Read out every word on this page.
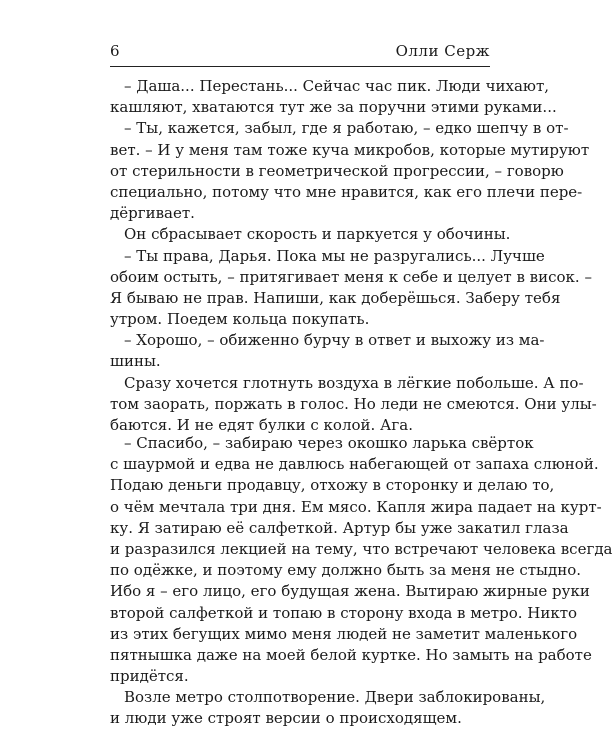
6	Олли Серж
– Даша... Перестань... Сейчас час пик. Люди чихают,
кашляют, хватаются тут же за поручни этими руками...
– Ты, кажется, забыл, где я работаю, – едко шепчу в от-
вет. – И у меня там тоже куча микробов, которые мутируют
от стерильности в геометрической прогрессии, – говорю
специально, потому что мне нравится, как его плечи пере-
дёргивает.
Он сбрасывает скорость и паркуется у обочины.
– Ты права, Дарья. Пока мы не разругались... Лучше
обоим остыть, – притягивает меня к себе и целует в висок. –
Я бываю не прав. Напиши, как доберёшься. Заберу тебя
утром. Поедем кольца покупать.
– Хорошо, – обиженно бурчу в ответ и выхожу из ма-
шины.
Сразу хочется глотнуть воздуха в лёгкие побольше. А по-
том заорать, поржать в голос. Но леди не смеются. Они улы-
баются. И не едят булки с колой. Ага.
– Спасибо, – забираю через окошко ларька свёрток
с шаурмой и едва не давлюсь набегающей от запаха слюной.
Подаю деньги продавцу, отхожу в сторонку и делаю то,
о чём мечтала три дня. Ем мясо. Капля жира падает на курт-
ку. Я затираю её салфеткой. Артур бы уже закатил глаза
и разразился лекцией на тему, что встречают человека всегда
по одёжке, и поэтому ему должно быть за меня не стыдно.
Ибо я – его лицо, его будущая жена. Вытираю жирные руки
второй салфеткой и топаю в сторону входа в метро. Никто
из этих бегущих мимо меня людей не заметит маленького
пятнышка даже на моей белой куртке. Но замыть на работе
придётся.
Возле метро столпотворение. Двери заблокированы,
и люди уже строят версии о происходящем.
